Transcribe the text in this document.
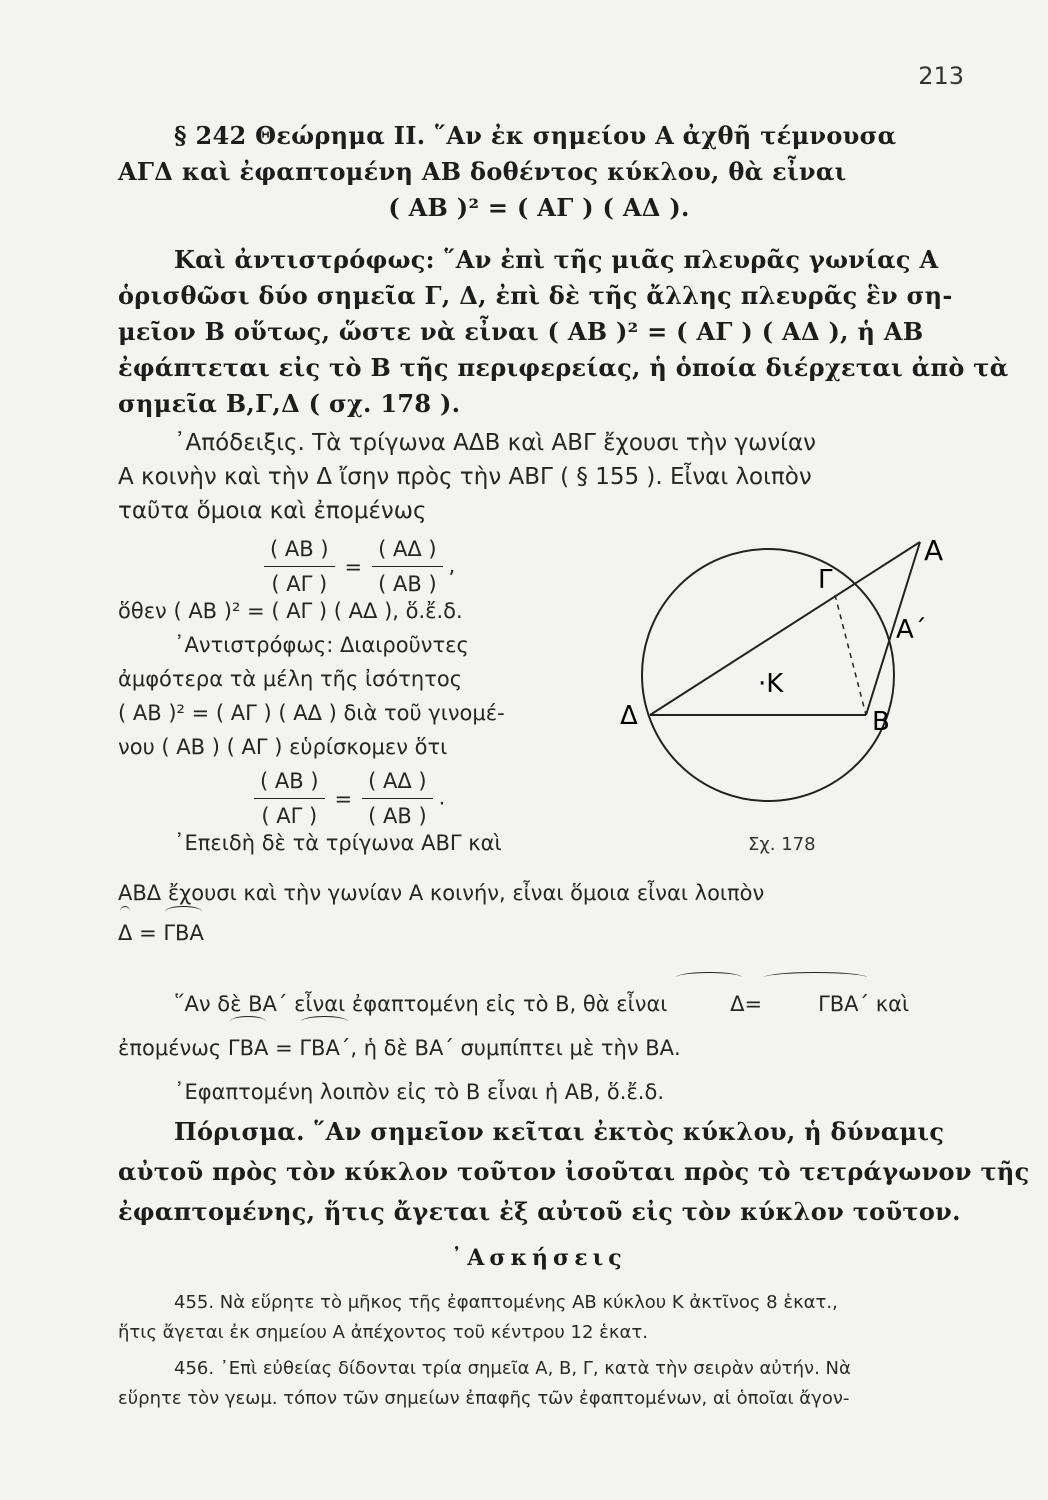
213
§ 242 Θεώρημα ΙΙ. ῞Αν ἐκ σημείου Α ἀχθῆ τέμνουσα
ΑΓΔ καὶ ἐφαπτομένη ΑΒ δοθέντος κύκλου, θὰ εἶναι
( ΑΒ )² = ( ΑΓ ) ( ΑΔ ).
Καὶ ἀντιστρόφως: ῞Αν ἐπὶ τῆς μιᾶς πλευρᾶς γωνίας Α
ὁρισθῶσι δύο σημεῖα Γ, Δ, ἐπὶ δὲ τῆς ἄλλης πλευρᾶς ἓν ση-
μεῖον Β οὕτως, ὥστε νὰ εἶναι ( ΑΒ )² = ( ΑΓ ) ( ΑΔ ), ἡ ΑΒ
ἐφάπτεται εἰς τὸ Β τῆς περιφερείας, ἡ ὁποία διέρχεται ἀπὸ τὰ
σημεῖα Β,Γ,Δ ( σχ. 178 ).
᾿Απόδειξις. Τὰ τρίγωνα ΑΔΒ καὶ ΑΒΓ ἔχουσι τὴν γωνίαν
Α κοινὴν καὶ τὴν Δ ἴσην πρὸς τὴν ΑΒΓ ( § 155 ). Εἶναι λοιπὸν
ταῦτα ὅμοια καὶ ἐπομένως
$\frac{( AB )}{( A\Gamma )} = \frac{( A\Delta )}{( AB )}$ ,
ὅθεν ( ΑΒ )² = ( ΑΓ ) ( ΑΔ ), ὅ.ἔ.δ.
᾿Αντιστρόφως: Διαιροῦντες
ἀμφότερα τὰ μέλη τῆς ἰσότητος
( ΑΒ )² = ( ΑΓ ) ( ΑΔ ) διὰ τοῦ γινομέ-
νου ( ΑΒ ) ( ΑΓ ) εὑρίσκομεν ὅτι
$\frac{( AB )}{( A\Gamma )} = \frac{( A\Delta )}{( AB )}$ .
᾿Επειδὴ δὲ τὰ τρίγωνα ΑΒΓ καὶ
ΑΒΔ ἔχουσι καὶ τὴν γωνίαν Α κοινήν, εἶναι ὅμοια εἶναι λοιπὸν
Δ = ΓΒΑ
῞Αν δὲ ΒΑ΄ εἶναι ἐφαπτομένη εἰς τὸ Β, θὰ εἶναι	Δ=	ΓΒΑ΄ καὶ
ἐπομένως ΓΒΑ = ΓΒΑ΄, ἡ δὲ ΒΑ΄ συμπίπτει μὲ τὴν ΒΑ.
᾿Εφαπτομένη λοιπὸν εἰς τὸ Β εἶναι ἡ ΑΒ, ὅ.ἔ.δ.
Πόρισμα. ῞Αν σημεῖον κεῖται ἐκτὸς κύκλου, ἡ δύναμις
αὐτοῦ πρὸς τὸν κύκλον τοῦτον ἰσοῦται πρὸς τὸ τετράγωνον τῆς
ἐφαπτομένης, ἥτις ἄγεται ἐξ αὐτοῦ εἰς τὸν κύκλον τοῦτον.
᾿Ασκήσεις
455. Νὰ εὕρητε τὸ μῆκος τῆς ἐφαπτομένης ΑΒ κύκλου Κ ἀκτῖνος 8 ἑκατ.,
ἥτις ἄγεται ἐκ σημείου Α ἀπέχοντος τοῦ κέντρου 12 ἑκατ.
456. ᾿Επὶ εὐθείας δίδονται τρία σημεῖα Α, Β, Γ, κατὰ τὴν σειρὰν αὐτήν. Νὰ
εὕρητε τὸν γεωμ. τόπον τῶν σημείων ἐπαφῆς τῶν ἐφαπτομένων, αἱ ὁποῖαι ἄγον-
Α
Α΄
Β
Γ
Δ
·Κ
Σχ. 178
